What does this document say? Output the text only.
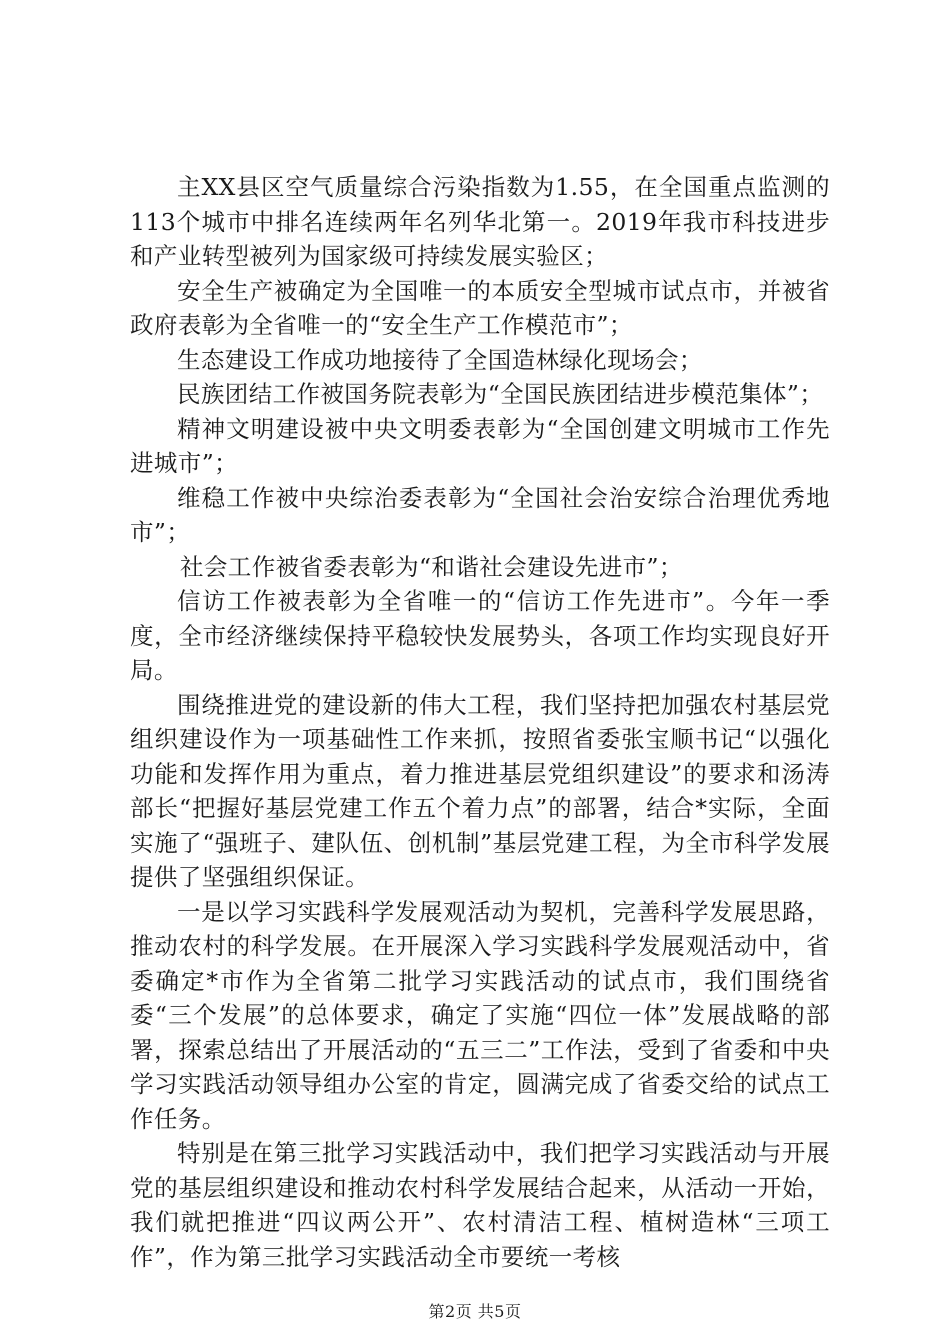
主XX县区空气质量综合污染指数为1.55，在全国重点监测的113个城市中排名连续两年名列华北第一。2019年我市科技进步和产业转型被列为国家级可持续发展实验区；

安全生产被确定为全国唯一的本质安全型城市试点市，并被省政府表彰为全省唯一的“安全生产工作模范市”；

生态建设工作成功地接待了全国造林绿化现场会；

民族团结工作被国务院表彰为“全国民族团结进步模范集体”；

精神文明建设被中央文明委表彰为“全国创建文明城市工作先进城市”；

维稳工作被中央综治委表彰为“全国社会治安综合治理优秀地市”；

社会工作被省委表彰为“和谐社会建设先进市”；

信访工作被表彰为全省唯一的“信访工作先进市”。今年一季度，全市经济继续保持平稳较快发展势头，各项工作均实现良好开局。

围绕推进党的建设新的伟大工程，我们坚持把加强农村基层党组织建设作为一项基础性工作来抓，按照省委张宝顺书记“以强化功能和发挥作用为重点，着力推进基层党组织建设”的要求和汤涛部长“把握好基层党建工作五个着力点”的部署，结合*实际，全面实施了“强班子、建队伍、创机制”基层党建工程，为全市科学发展提供了坚强组织保证。

一是以学习实践科学发展观活动为契机，完善科学发展思路，推动农村的科学发展。在开展深入学习实践科学发展观活动中，省委确定*市作为全省第二批学习实践活动的试点市，我们围绕省委“三个发展”的总体要求，确定了实施“四位一体”发展战略的部署，探索总结出了开展活动的“五三二”工作法，受到了省委和中央学习实践活动领导组办公室的肯定，圆满完成了省委交给的试点工作任务。

特别是在第三批学习实践活动中，我们把学习实践活动与开展党的基层组织建设和推动农村科学发展结合起来，从活动一开始，我们就把推进“四议两公开”、农村清洁工程、植树造林“三项工作”，作为第三批学习实践活动全市要统一考核

第2页 共5页
